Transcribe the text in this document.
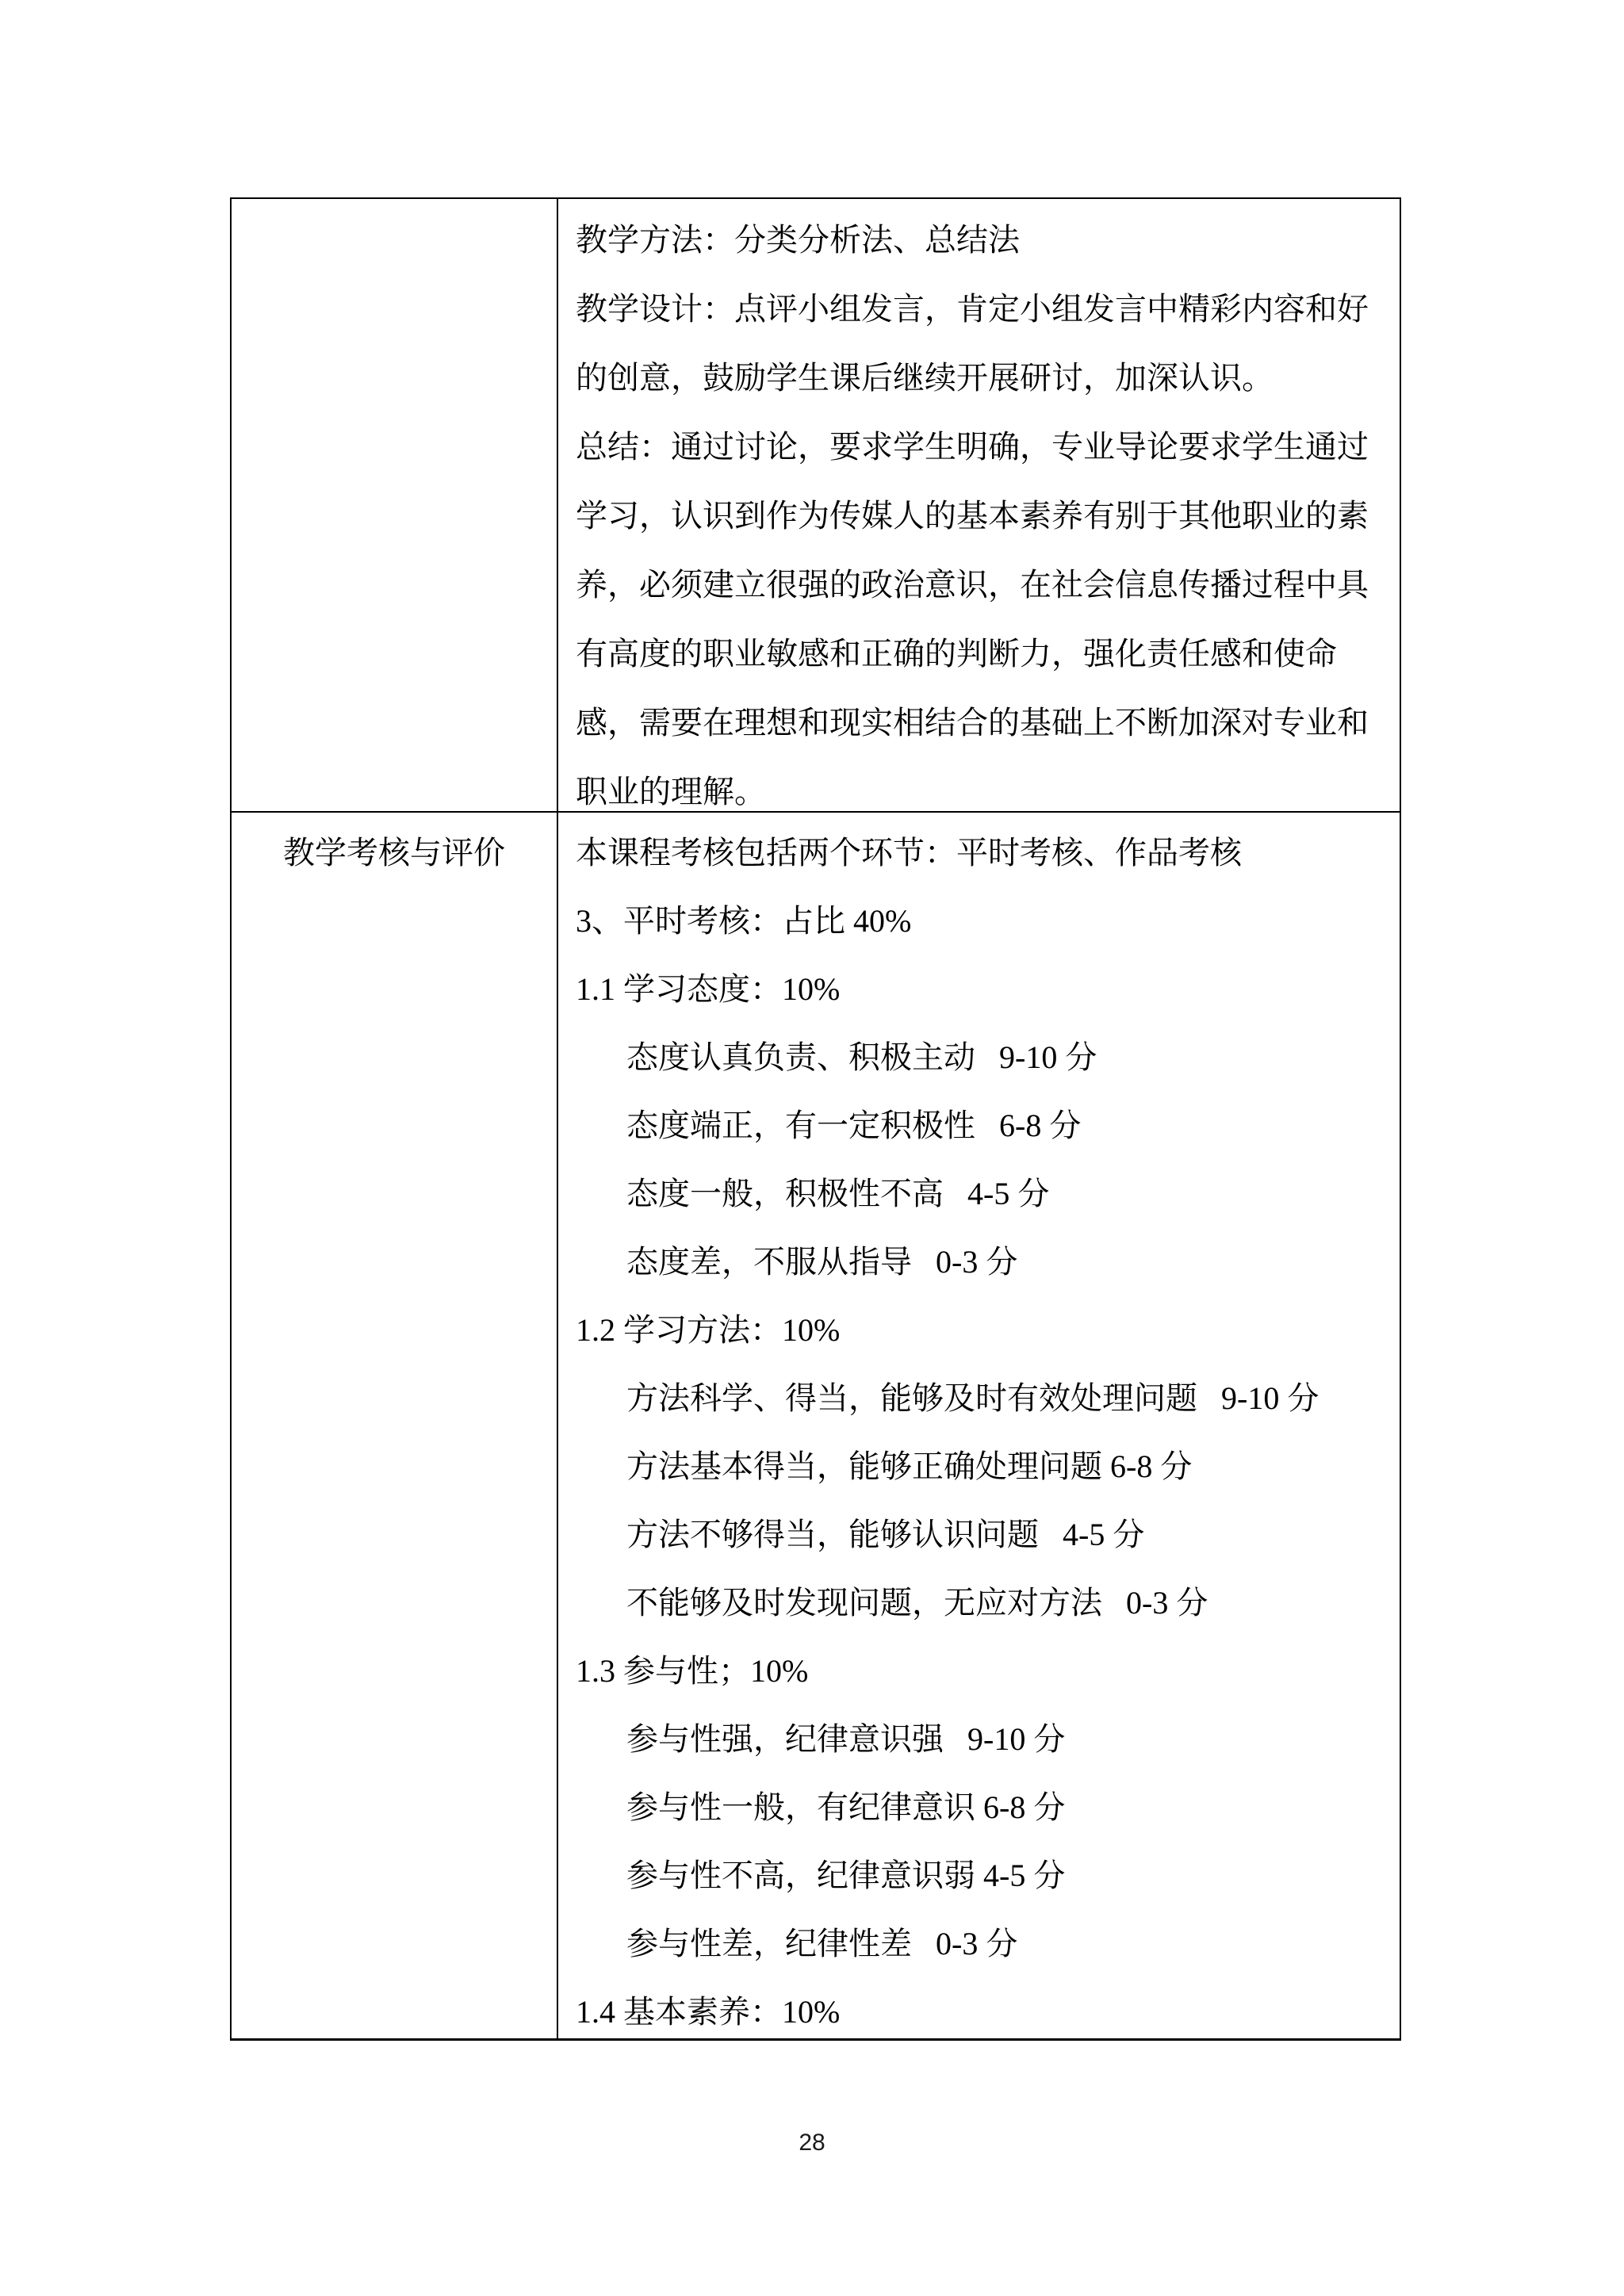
教学方法：分类分析法、总结法
教学设计：点评小组发言，肯定小组发言中精彩内容和好
的创意，鼓励学生课后继续开展研讨，加深认识。
总结：通过讨论，要求学生明确，专业导论要求学生通过
学习，认识到作为传媒人的基本素养有别于其他职业的素
养，必须建立很强的政治意识，在社会信息传播过程中具
有高度的职业敏感和正确的判断力，强化责任感和使命
感，需要在理想和现实相结合的基础上不断加深对专业和
职业的理解。
教学考核与评价	本课程考核包括两个环节：平时考核、作品考核
3、平时考核：占比 40%
1.1 学习态度：10%
态度认真负责、积极主动   9-10 分
态度端正，有一定积极性   6-8 分
态度一般，积极性不高   4-5 分
态度差，不服从指导   0-3 分
1.2 学习方法：10%
方法科学、得当，能够及时有效处理问题   9-10 分
方法基本得当，能够正确处理问题 6-8 分
方法不够得当，能够认识问题   4-5 分
不能够及时发现问题，无应对方法   0-3 分
1.3 参与性；10%
参与性强，纪律意识强   9-10 分
参与性一般，有纪律意识 6-8 分
参与性不高，纪律意识弱 4-5 分
参与性差，纪律性差   0-3 分
1.4 基本素养：10%
28
